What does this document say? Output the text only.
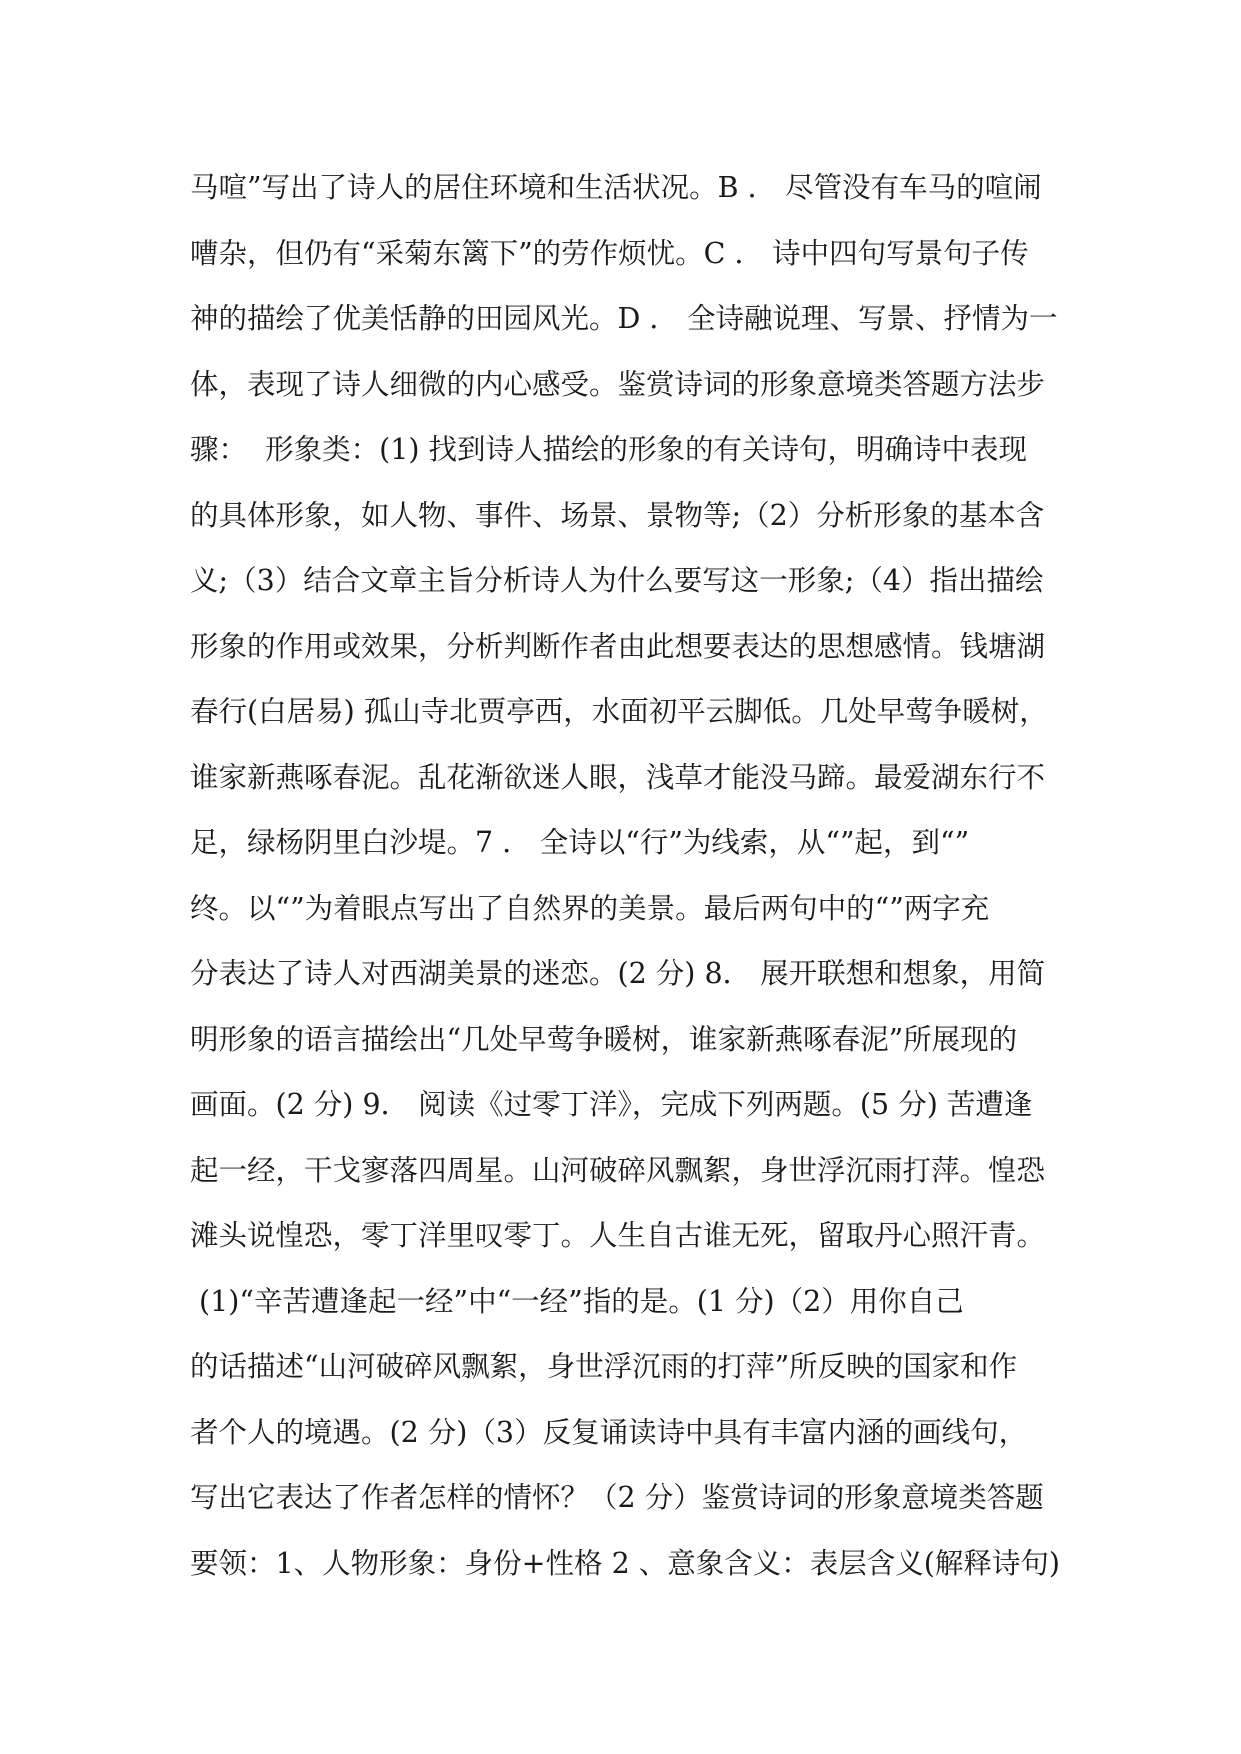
马喧”写出了诗人的居住环境和生活状况。B ． 尽管没有车马的喧闹
嘈杂，但仍有“采菊东篱下”的劳作烦忧。C ． 诗中四句写景句子传
神的描绘了优美恬静的田园风光。D ． 全诗融说理、写景、抒情为一
体，表现了诗人细微的内心感受。鉴赏诗词的形象意境类答题方法步
骤：  形象类：(1) 找到诗人描绘的形象的有关诗句，明确诗中表现
的具体形象，如人物、事件、场景、景物等;（2）分析形象的基本含
义;（3）结合文章主旨分析诗人为什么要写这一形象;（4）指出描绘
形象的作用或效果，分析判断作者由此想要表达的思想感情。钱塘湖
春行(白居易) 孤山寺北贾亭西，水面初平云脚低。几处早莺争暖树，
谁家新燕啄春泥。乱花渐欲迷人眼，浅草才能没马蹄。最爱湖东行不
足，绿杨阴里白沙堤。7 ． 全诗以“行”为线索，从“”起，到“”
终。以“”为着眼点写出了自然界的美景。最后两句中的“”两字充
分表达了诗人对西湖美景的迷恋。(2 分) 8． 展开联想和想象，用简
明形象的语言描绘出“几处早莺争暖树，谁家新燕啄春泥”所展现的
画面。(2 分) 9． 阅读《过零丁洋》，完成下列两题。(5 分) 苦遭逢
起一经，干戈寥落四周星。山河破碎风飘絮，身世浮沉雨打萍。惶恐
滩头说惶恐，零丁洋里叹零丁。人生自古谁无死，留取丹心照汗青。
(1)“辛苦遭逢起一经”中“一经”指的是。(1 分)（2）用你自己
的话描述“山河破碎风飘絮，身世浮沉雨的打萍”所反映的国家和作
者个人的境遇。(2 分)（3）反复诵读诗中具有丰富内涵的画线句，
写出它表达了作者怎样的情怀？（2 分）鉴赏诗词的形象意境类答题
要领：1、人物形象：身份+性格 2 、意象含义：表层含义(解释诗句)
